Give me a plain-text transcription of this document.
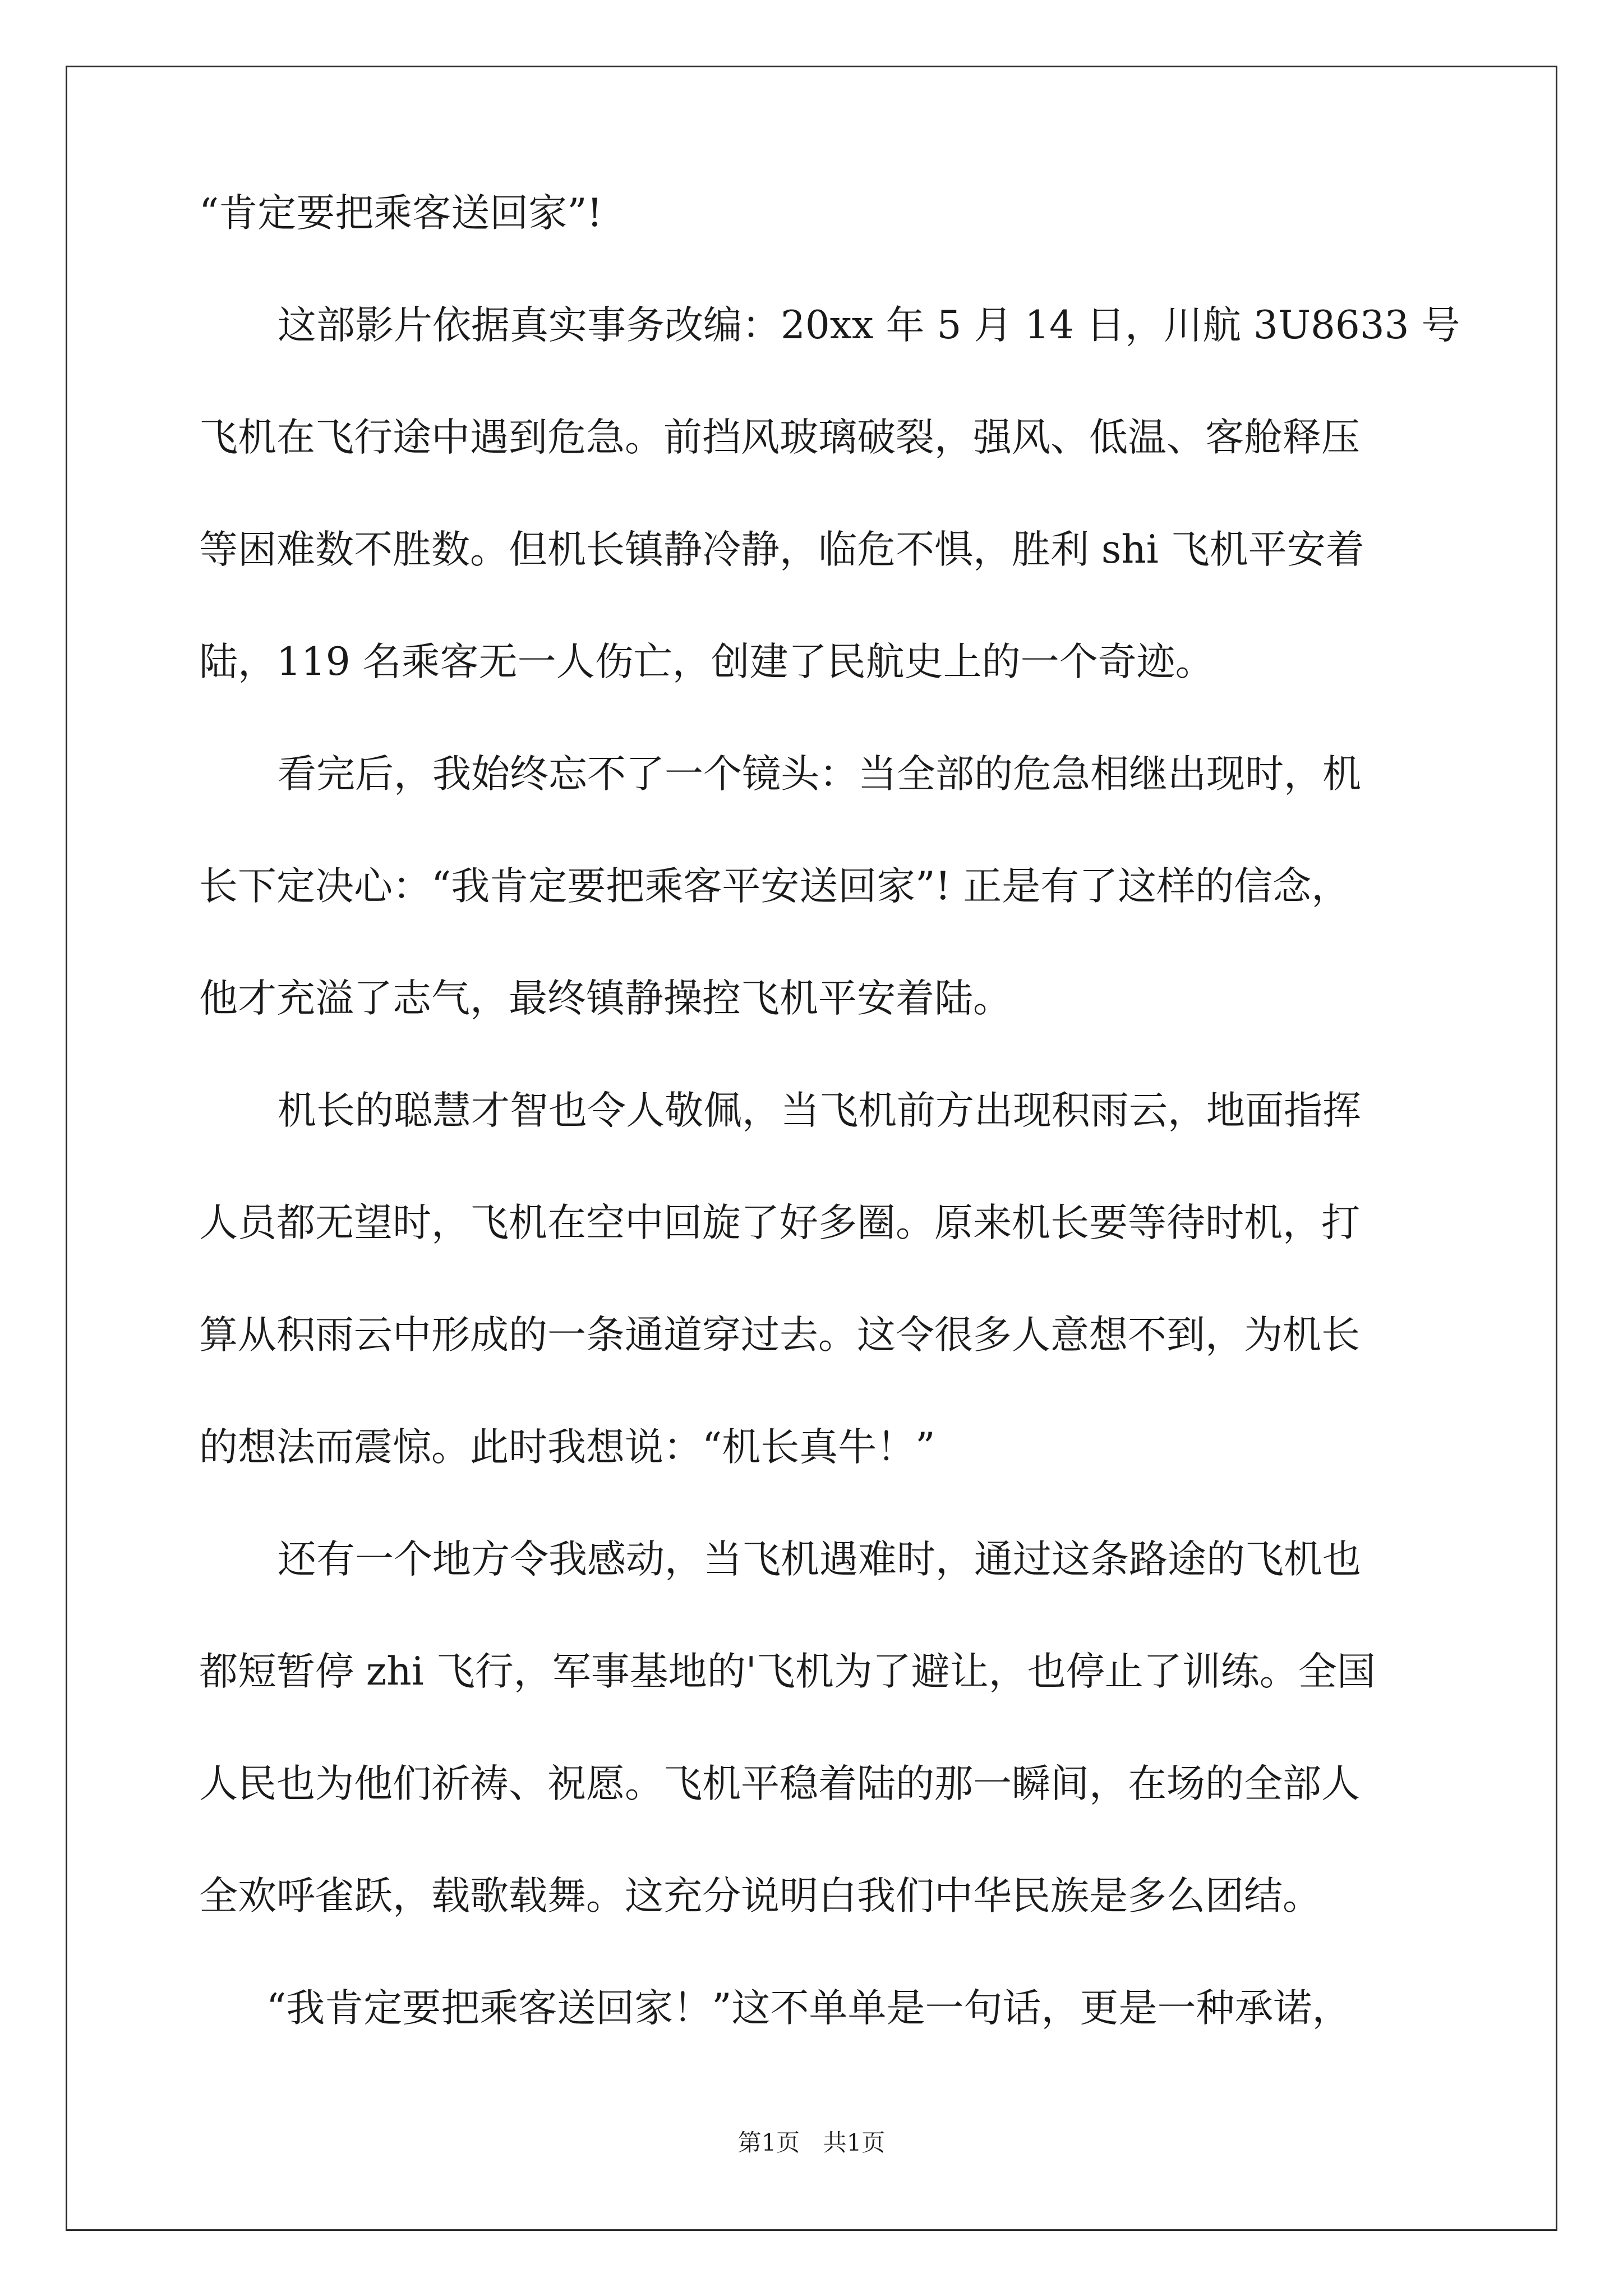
“肯定要把乘客送回家”!
这部影片依据真实事务改编：20xx 年 5 月 14 日，川航 3U8633 号
飞机在飞行途中遇到危急。前挡风玻璃破裂，强风、低温、客舱释压
等困难数不胜数。但机长镇静冷静，临危不惧，胜利 shi 飞机平安着
陆，119 名乘客无一人伤亡，创建了民航史上的一个奇迹。
看完后，我始终忘不了一个镜头：当全部的危急相继出现时，机
长下定决心：“我肯定要把乘客平安送回家”! 正是有了这样的信念，
他才充溢了志气，最终镇静操控飞机平安着陆。
机长的聪慧才智也令人敬佩，当飞机前方出现积雨云，地面指挥
人员都无望时，飞机在空中回旋了好多圈。原来机长要等待时机，打
算从积雨云中形成的一条通道穿过去。这令很多人意想不到，为机长
的想法而震惊。此时我想说：“机长真牛！”
还有一个地方令我感动，当飞机遇难时，通过这条路途的飞机也
都短暂停 zhi 飞行，军事基地的'飞机为了避让，也停止了训练。全国
人民也为他们祈祷、祝愿。飞机平稳着陆的那一瞬间，在场的全部人
全欢呼雀跃，载歌载舞。这充分说明白我们中华民族是多么团结。
“我肯定要把乘客送回家！”这不单单是一句话，更是一种承诺，
第1页 共1页
